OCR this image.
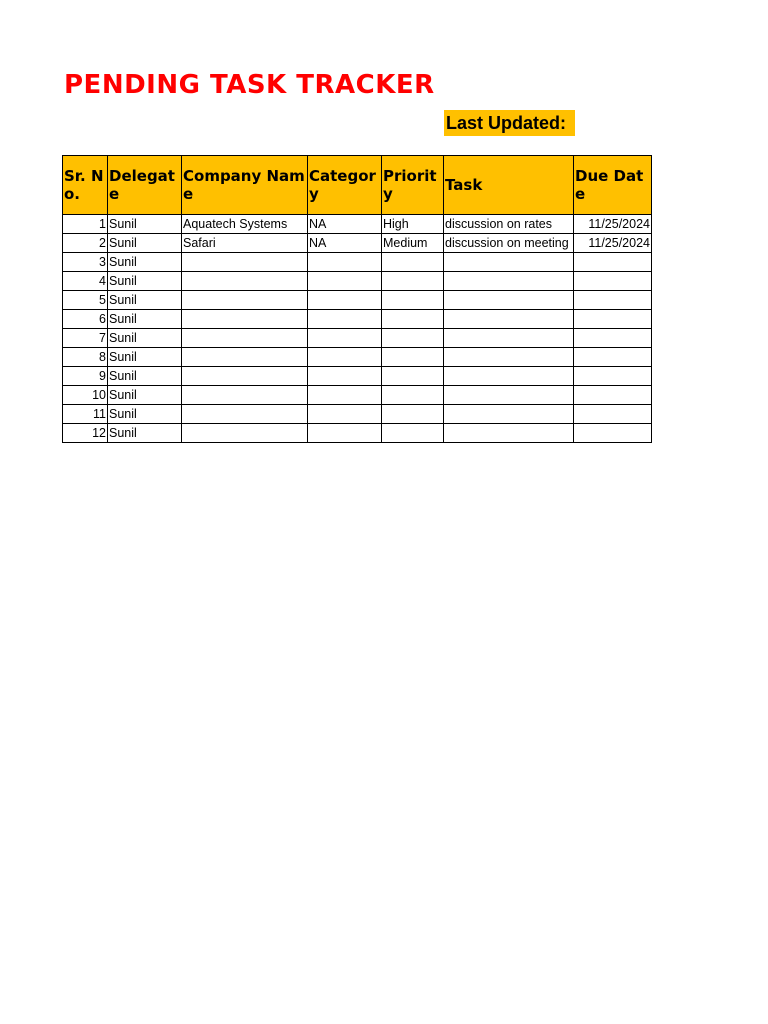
PENDING TASK TRACKER
Last Updated:
Sr. No.	Delegate	Company Name	Category	Priority	Task	Due Date
1	Sunil	Aquatech Systems	NA	High	discussion on rates	11/25/2024
2	Sunil	Safari	NA	Medium	discussion on meeting	11/25/2024
3	Sunil					
4	Sunil					
5	Sunil					
6	Sunil					
7	Sunil					
8	Sunil					
9	Sunil					
10	Sunil					
11	Sunil					
12	Sunil					
